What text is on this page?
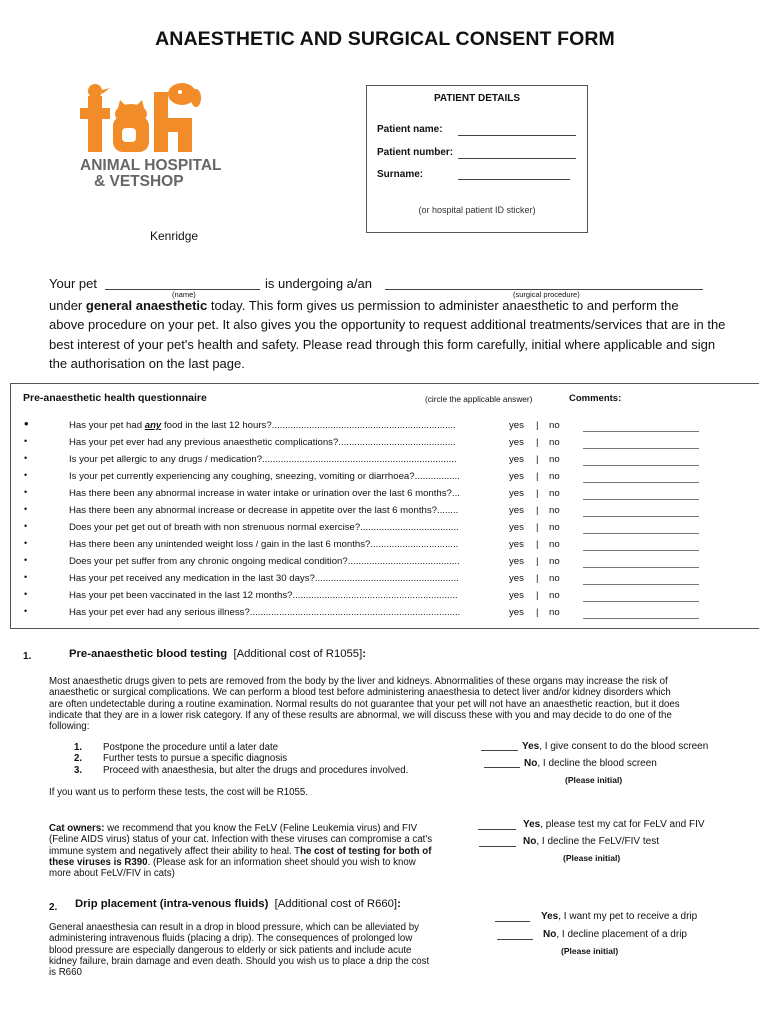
ANAESTHETIC AND SURGICAL CONSENT FORM
ANIMAL HOSPITAL
& VETSHOP
Kenridge
PATIENT DETAILS
Patient name:
Patient number:
Surname:
(or hospital patient ID sticker)
Your pet
(name)
is undergoing a/an
(surgical procedure)
under general anaesthetic today. This form gives us permission to administer anaesthetic to and perform the
above procedure on your pet. It also gives you the opportunity to request additional treatments/services that are in the
best interest of your pet's health and safety. Please read through this form carefully, initial where applicable and sign
the authorisation on the last page.
Pre-anaesthetic health questionnaire	(circle the applicable answer)	Comments:
•	Has your pet had any food in the last 12 hours?.....................................................................	yes | no
•	Has your pet ever had any previous anaesthetic complications?............................................	yes | no
•	Is your pet allergic to any drugs / medication?.........................................................................	yes | no
•	Is your pet currently experiencing any coughing, sneezing, vomiting or diarrhoea?.................	yes | no
•	Has there been any abnormal increase in water intake or urination over the last 6 months?...	yes | no
•	Has there been any abnormal increase or decrease in appetite over the last 6 months?........	yes | no
•	Does your pet get out of breath with non strenuous normal exercise?.....................................	yes | no
•	Has there been any unintended weight loss / gain in the last 6 months?.................................	yes | no
•	Does your pet suffer from any chronic ongoing medical condition?..........................................	yes | no
•	Has your pet received any medication in the last 30 days?......................................................	yes | no
•	Has your pet been vaccinated in the last 12 months?..............................................................	yes | no
•	Has your pet ever had any serious illness?...............................................................................	yes | no
1.	Pre-anaesthetic blood testing [Additional cost of R1055]:
Most anaesthetic drugs given to pets are removed from the body by the liver and kidneys. Abnormalities of these organs may increase the risk of
anaesthetic or surgical complications. We can perform a blood test before administering anaesthesia to detect liver and/or kidney disorders which
are often undetectable during a routine examination. Normal results do not guarantee that your pet will not have an anaesthetic reaction, but it does
indicate that they are in a lower risk category. If any of these results are abnormal, we will discuss these with you and may decide to do one of the
following:
1. Postpone the procedure until a later date
2. Further tests to pursue a specific diagnosis
3. Proceed with anaesthesia, but alter the drugs and procedures involved.
Yes, I give consent to do the blood screen
No, I decline the blood screen
(Please initial)
If you want us to perform these tests, the cost will be R1055.
Cat owners: we recommend that you know the FeLV (Feline Leukemia virus) and FIV
(Feline AIDS virus) status of your cat. Infection with these viruses can compromise a cat's
immune system and negatively affect their ability to heal. The cost of testing for both of
these viruses is R390. (Please ask for an information sheet should you wish to know
more about FeLV/FIV in cats)
Yes, please test my cat for FeLV and FIV
No, I decline the FeLV/FIV test
(Please initial)
2. Drip placement (intra-venous fluids) [Additional cost of R660]:
General anaesthesia can result in a drop in blood pressure, which can be alleviated by
administering intravenous fluids (placing a drip). The consequences of prolonged low
blood pressure are especially dangerous to elderly or sick patients and include acute
kidney failure, brain damage and even death. Should you wish us to place a drip the cost
is R660
Yes, I want my pet to receive a drip
No, I decline placement of a drip
(Please initial)
